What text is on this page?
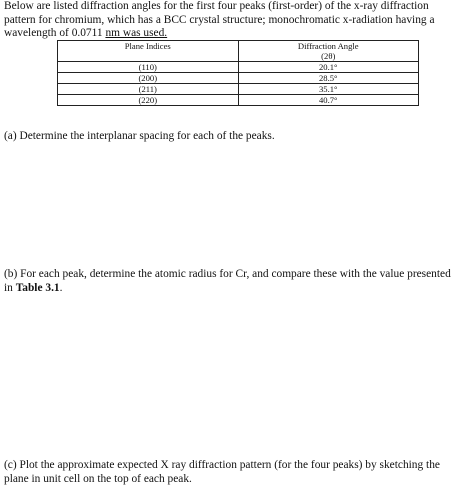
Below are listed diffraction angles for the first four peaks (first-order) of the x-ray diffraction
pattern for chromium, which has a BCC crystal structure; monochromatic x-radiation having a
wavelength of 0.0711 nm was used.
Plane Indices	Diffraction Angle
(2θ)

(110)	20.1°
(200)	28.5°
(211)	35.1°
(220)	40.7°
(a) Determine the interplanar spacing for each of the peaks.
(b) For each peak, determine the atomic radius for Cr, and compare these with the value presented
in Table 3.1.
(c) Plot the approximate expected X ray diffraction pattern (for the four peaks) by sketching the
plane in unit cell on the top of each peak.
